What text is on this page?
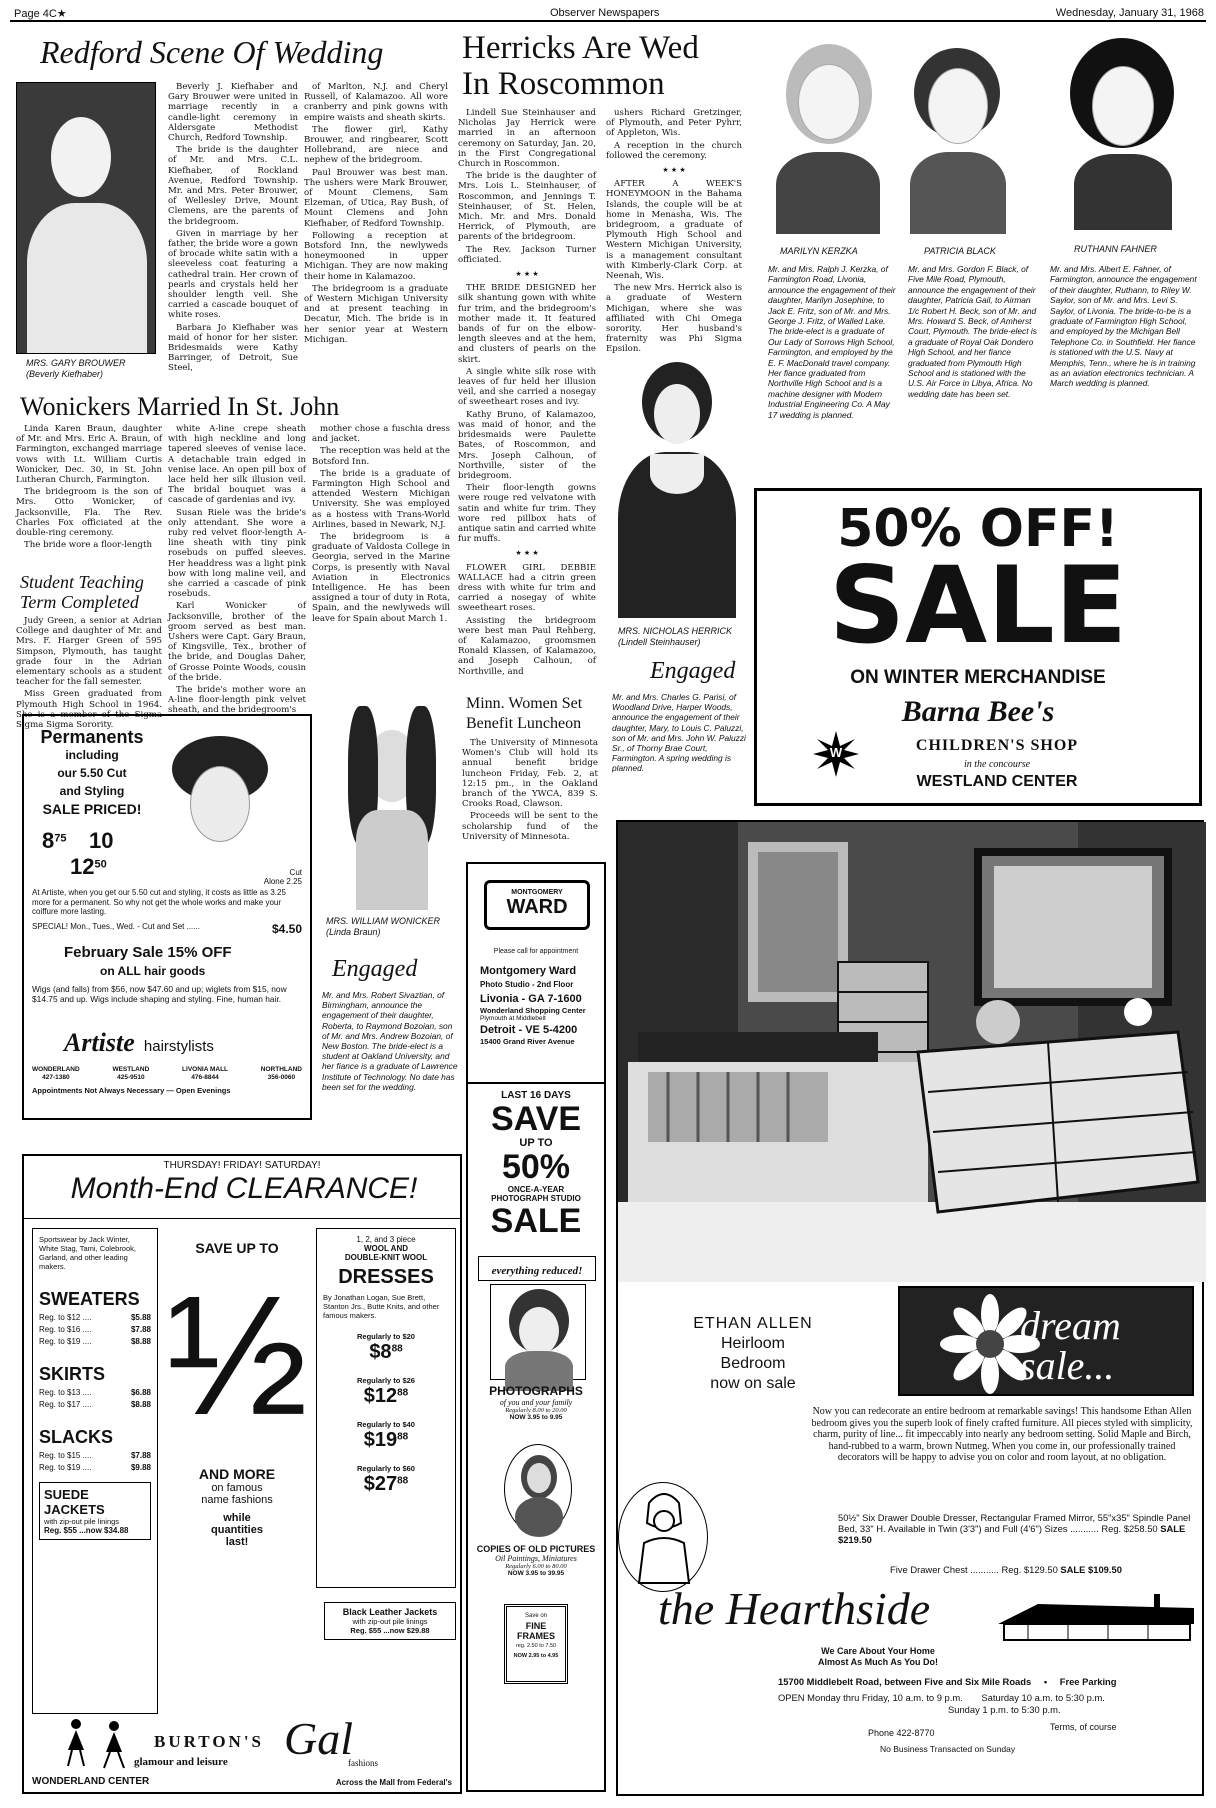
Page 4C★	Observer Newspapers	Wednesday, January 31, 1968
Redford Scene Of Wedding
MRS. GARY BROUWER
(Beverly Kiefhaber)

Beverly J. Kiefhaber and Gary Brouwer were united in marriage recently in a candle-light ceremony in Aldersgate Methodist Church, Redford Township.

The bride is the daughter of Mr. and Mrs. C.L. Kiefhaber, of Rockland Avenue, Redford Township. Mr. and Mrs. Peter Brouwer, of Wellesley Drive, Mount Clemens, are the parents of the bridegroom.

Given in marriage by her father, the bride wore a gown of brocade white satin with a sleeveless coat featuring a cathedral train. Her crown of pearls and crystals held her shoulder length veil. She carried a cascade bouquet of white roses.

Barbara Jo Kiefhaber was maid of honor for her sister. Bridesmaids were Kathy Barringer, of Detroit, Sue Steel,

of Marlton, N.J. and Cheryl Russell, of Kalamazoo. All wore cranberry and pink gowns with empire waists and sheath skirts.

The flower girl, Kathy Brouwer, and ringbearer, Scott Hollebrand, are niece and nephew of the bridegroom.

Paul Brouwer was best man. The ushers were Mark Brouwer, of Mount Clemens, Sam Elzeman, of Utica, Ray Bush, of Mount Clemens and John Kiefhaber, of Redford Township.

Following a reception at Botsford Inn, the newlyweds honeymooned in upper Michigan. They are now making their home in Kalamazoo.

The bridegroom is a graduate of Western Michigan University and at present teaching in Decatur, Mich. The bride is in her senior year at Western Michigan.

Wonickers Married In St. John

Linda Karen Braun, daughter of Mr. and Mrs. Eric A. Braun, of Farmington, exchanged marriage vows with Lt. William Curtis Wonicker, Dec. 30, in St. John Lutheran Church, Farmington.

The bridegroom is the son of Mrs. Otto Wonicker, of Jacksonville, Fla. The Rev. Charles Fox officiated at the double-ring ceremony.

The bride wore a floor-length

white A-line crepe sheath with high neckline and long tapered sleeves of venise lace. A detachable train edged in venise lace. An open pill box of lace held her silk illusion veil. The bridal bouquet was a cascade of gardenias and ivy.

Susan Riele was the bride's only attendant. She wore a ruby red velvet floor-length A-line sheath with tiny pink rosebuds on puffed sleeves. Her headdress was a light pink bow with long maline veil, and she carried a cascade of pink rosebuds.

Karl Wonicker of Jacksonville, brother of the groom served as best man. Ushers were Capt. Gary Braun, of Kingsville, Tex., brother of the bride, and Douglas Daher, of Grosse Pointe Woods, cousin of the bride.

The bride's mother wore an A-line floor-length pink velvet sheath, and the bridegroom's

mother chose a fuschia dress and jacket.

The reception was held at the Botsford Inn.

The bride is a graduate of Farmington High School and attended Western Michigan University. She was employed as a hostess with Trans-World Airlines, based in Newark, N.J.

The bridegroom is a graduate of Valdosta College in Georgia, served in the Marine Corps, is presently with Naval Aviation in Electronics Intelligence. He has been assigned a tour of duty in Rota, Spain, and the newlyweds will leave for Spain about March 1.

Student Teaching
Term Completed

Judy Green, a senior at Adrian College and daughter of Mr. and Mrs. F. Harger Green of 595 Simpson, Plymouth, has taught grade four in the Adrian elementary schools as a student teacher for the fall semester.

Miss Green graduated from Plymouth High School in 1964. She is a member of the Sigma Sigma Sigma Sorority.

MRS. WILLIAM WONICKER
(Linda Braun)
Engaged
Mr. and Mrs. Robert Sivaztian, of Birmingham, announce the engagement of their daughter, Roberta, to Raymond Bozoian, son of Mr. and Mrs. Andrew Bozoian, of New Boston. The bride-elect is a student at Oakland University, and her fiance is a graduate of Lawrence Institute of Technology. No date has been set for the wedding.
Permanents
including
our 5.50 Cut
and Styling
SALE PRICED!
$8^{75}$ 10
$12^{50}$
Cut
Alone 2.25
At Artiste, when you get our 5.50 cut and styling, it costs as little as 3.25 more for a permanent. So why not get the whole works and make your coiffure more lasting.
SPECIAL! Mon., Tues., Wed. - Cut and Set ......	$4.50
February Sale 15% OFF
on ALL hair goods
Wigs (and falls) from $56, now $47.60 and up; wiglets from $15, now $14.75 and up. Wigs include shaping and styling. Fine, human hair.
Artiste hairstylists
WONDERLAND
427-1380
WESTLAND
425-9510
LIVONIA MALL
476-8844
NORTHLAND
356-0060
Appointments Not Always Necessary — Open Evenings
THURSDAY! FRIDAY! SATURDAY!
Month-End CLEARANCE!
Sportswear by Jack Winter, White Stag, Tami, Colebrook, Garland, and other leading makers.
SWEATERS
Reg. to $12 ....	$5.88
Reg. to $16 ....	$7.88
Reg. to $19 ....	$8.88
SKIRTS
Reg. to $13 ....	$6.88
Reg. to $17 ....	$8.88
SLACKS
Reg. to $15 ....	$7.88
Reg. to $19 ....	$9.88
SUEDE JACKETS
with zip-out pile linings
Reg. $55 ...now $34.88
SAVE UP TO
½
AND MORE
on famous
name fashions
while
quantities
last!
1, 2, and 3 piece
WOOL AND
DOUBLE-KNIT WOOL
DRESSES
By Jonathan Logan, Sue Brett, Stanton Jrs., Butte Knits, and other famous makers.
Regularly to $20
$\$8^{88}$
Regularly to $26
$\$12^{88}$
Regularly to $40
$\$19^{88}$
Regularly to $60
$\$27^{88}$
Black Leather Jackets
with zip-out pile linings
Reg. $55 ...now $29.88
BURTON'S Gal
glamour and leisure	fashions
WONDERLAND CENTER	Across the Mall from Federal's
Herricks Are Wed
In Roscommon

Lindell Sue Steinhauser and Nicholas Jay Herrick were married in an afternoon ceremony on Saturday, Jan. 20, in the First Congregational Church in Roscommon.

The bride is the daughter of Mrs. Lois L. Steinhauser, of Roscommon, and Jennings T. Steinhauser, of St. Helen, Mich. Mr. and Mrs. Donald Herrick, of Plymouth, are parents of the bridegroom.

The Rev. Jackson Turner officiated.

★ ★ ★

THE BRIDE DESIGNED her silk shantung gown with white fur trim, and the bridegroom's mother made it. It featured bands of fur on the elbow-length sleeves and at the hem, and clusters of pearls on the skirt.

A single white silk rose with leaves of fur held her illusion veil, and she carried a nosegay of sweetheart roses and ivy.

Kathy Bruno, of Kalamazoo, was maid of honor, and the bridesmaids were Paulette Bates, of Roscommon, and Mrs. Joseph Calhoun, of Northville, sister of the bridegroom.

Their floor-length gowns were rouge red velvatone with satin and white fur trim. They wore red pillbox hats of antique satin and carried white fur muffs.

★ ★ ★

FLOWER GIRL DEBBIE WALLACE had a citrin green dress with white fur trim and carried a nosegay of white sweetheart roses.

Assisting the bridegroom were best man Paul Rehberg, of Kalamazoo, groomsmen Ronald Klassen, of Kalamazoo, and Joseph Calhoun, of Northville, and

ushers Richard Gretzinger, of Plymouth, and Peter Pyhrr, of Appleton, Wis.

A reception in the church followed the ceremony.

★ ★ ★

AFTER A WEEK'S HONEYMOON in the Bahama Islands, the couple will be at home in Menasha, Wis. The bridegroom, a graduate of Plymouth High School and Western Michigan University, is a management consultant with Kimberly-Clark Corp. at Neenah, Wis.

The new Mrs. Herrick also is a graduate of Western Michigan, where she was affiliated with Chi Omega sorority. Her husband's fraternity was Phi Sigma Epsilon.

MRS. NICHOLAS HERRICK
(Lindell Steinhauser)
Engaged
Mr. and Mrs. Charles G. Parisi, of Woodland Drive, Harper Woods, announce the engagement of their daughter, Mary, to Louis C. Paluzzi, son of Mr. and Mrs. John W. Paluzzi Sr., of Thorny Brae Court, Farmington. A spring wedding is planned.
Minn. Women Set
Benefit Luncheon

The University of Minnesota Women's Club will hold its annual benefit bridge luncheon Friday, Feb. 2, at 12:15 pm., in the Oakland branch of the YWCA, 839 S. Crooks Road, Clawson.

Proceeds will be sent to the scholarship fund of the University of Minnesota.

MONTGOMERY
WARD
Please call for appointment
Montgomery Ward
Photo Studio - 2nd Floor
Livonia - GA 7-1600
Wonderland Shopping Center
Plymouth at Middlebelt
Detroit - VE 5-4200
15400 Grand River Avenue
LAST 16 DAYS
SAVE
UP TO
50%
ONCE-A-YEAR
PHOTOGRAPH STUDIO
SALE
everything reduced!
PHOTOGRAPHS
of you and your family
Regularly 8.00 to 20.00
NOW 3.95 to 9.95
COPIES OF OLD PICTURES
Oil Paintings, Miniatures
Regularly 6.00 to 80.00
NOW 3.95 to 39.95
Save on
FINE
FRAMES
reg. 2.50 to 7.50
NOW 2.95 to 4.95
MARILYN KERZKA	PATRICIA BLACK	RUTHANN FAHNER
Mr. and Mrs. Ralph J. Kerzka, of Farmington Road, Livonia, announce the engagement of their daughter, Marilyn Josephine, to Jack E. Fritz, son of Mr. and Mrs. George J. Fritz, of Walled Lake. The bride-elect is a graduate of Our Lady of Sorrows High School, Farmington, and employed by the E. F. MacDonald travel company. Her fiance graduated from Northville High School and is a machine designer with Modern Industrial Engineering Co. A May 17 wedding is planned.
Mr. and Mrs. Gordon F. Black, of Five Mile Road, Plymouth, announce the engagement of their daughter, Patricia Gail, to Airman 1/c Robert H. Beck, son of Mr. and Mrs. Howard S. Beck, of Amherst Court, Plymouth. The bride-elect is a graduate of Royal Oak Dondero High School, and her fiance graduated from Plymouth High School and is stationed with the U.S. Air Force in Libya, Africa. No wedding date has been set.
Mr. and Mrs. Albert E. Fahner, of Farmington, announce the engagement of their daughter, Ruthann, to Riley W. Saylor, son of Mr. and Mrs. Levi S. Saylor, of Livonia. The bride-to-be is a graduate of Farmington High School, and employed by the Michigan Bell Telephone Co. in Southfield. Her fiance is stationed with the U.S. Navy at Memphis, Tenn., where he is in training as an aviation electronics technician. A March wedding is planned.
50% OFF!
SALE
ON WINTER MERCHANDISE
Barna Bee's
W	CHILDREN'S SHOP
in the concourse
WESTLAND CENTER
ETHAN ALLEN
Heirloom
Bedroom
now on sale
dream sale...
Now you can redecorate an entire bedroom at remarkable savings! This handsome Ethan Allen bedroom gives you the superb look of finely crafted furniture. All pieces styled with simplicity, charm, purity of line... fit impeccably into nearly any bedroom setting. Solid Maple and Birch, hand-rubbed to a warm, brown Nutmeg. When you come in, our professionally trained decorators will be happy to advise you on color and room layout, at no obligation.
50½" Six Drawer Double Dresser, Rectangular Framed Mirror, 55"x35" Spindle Panel Bed, 33" H. Available in Twin (3'3") and Full (4'6") Sizes ........... Reg. $258.50 SALE $219.50
Five Drawer Chest ........... Reg. $129.50 SALE $109.50
the Hearthside
We Care About Your Home
Almost As Much As You Do!
15700 Middlebelt Road, between Five and Six Mile Roads • Free Parking
OPEN Monday thru Friday, 10 a.m. to 9 p.m. Saturday 10 a.m. to 5:30 p.m.
Sunday 1 p.m. to 5:30 p.m.
Phone 422-8770
Terms, of course
No Business Transacted on Sunday
